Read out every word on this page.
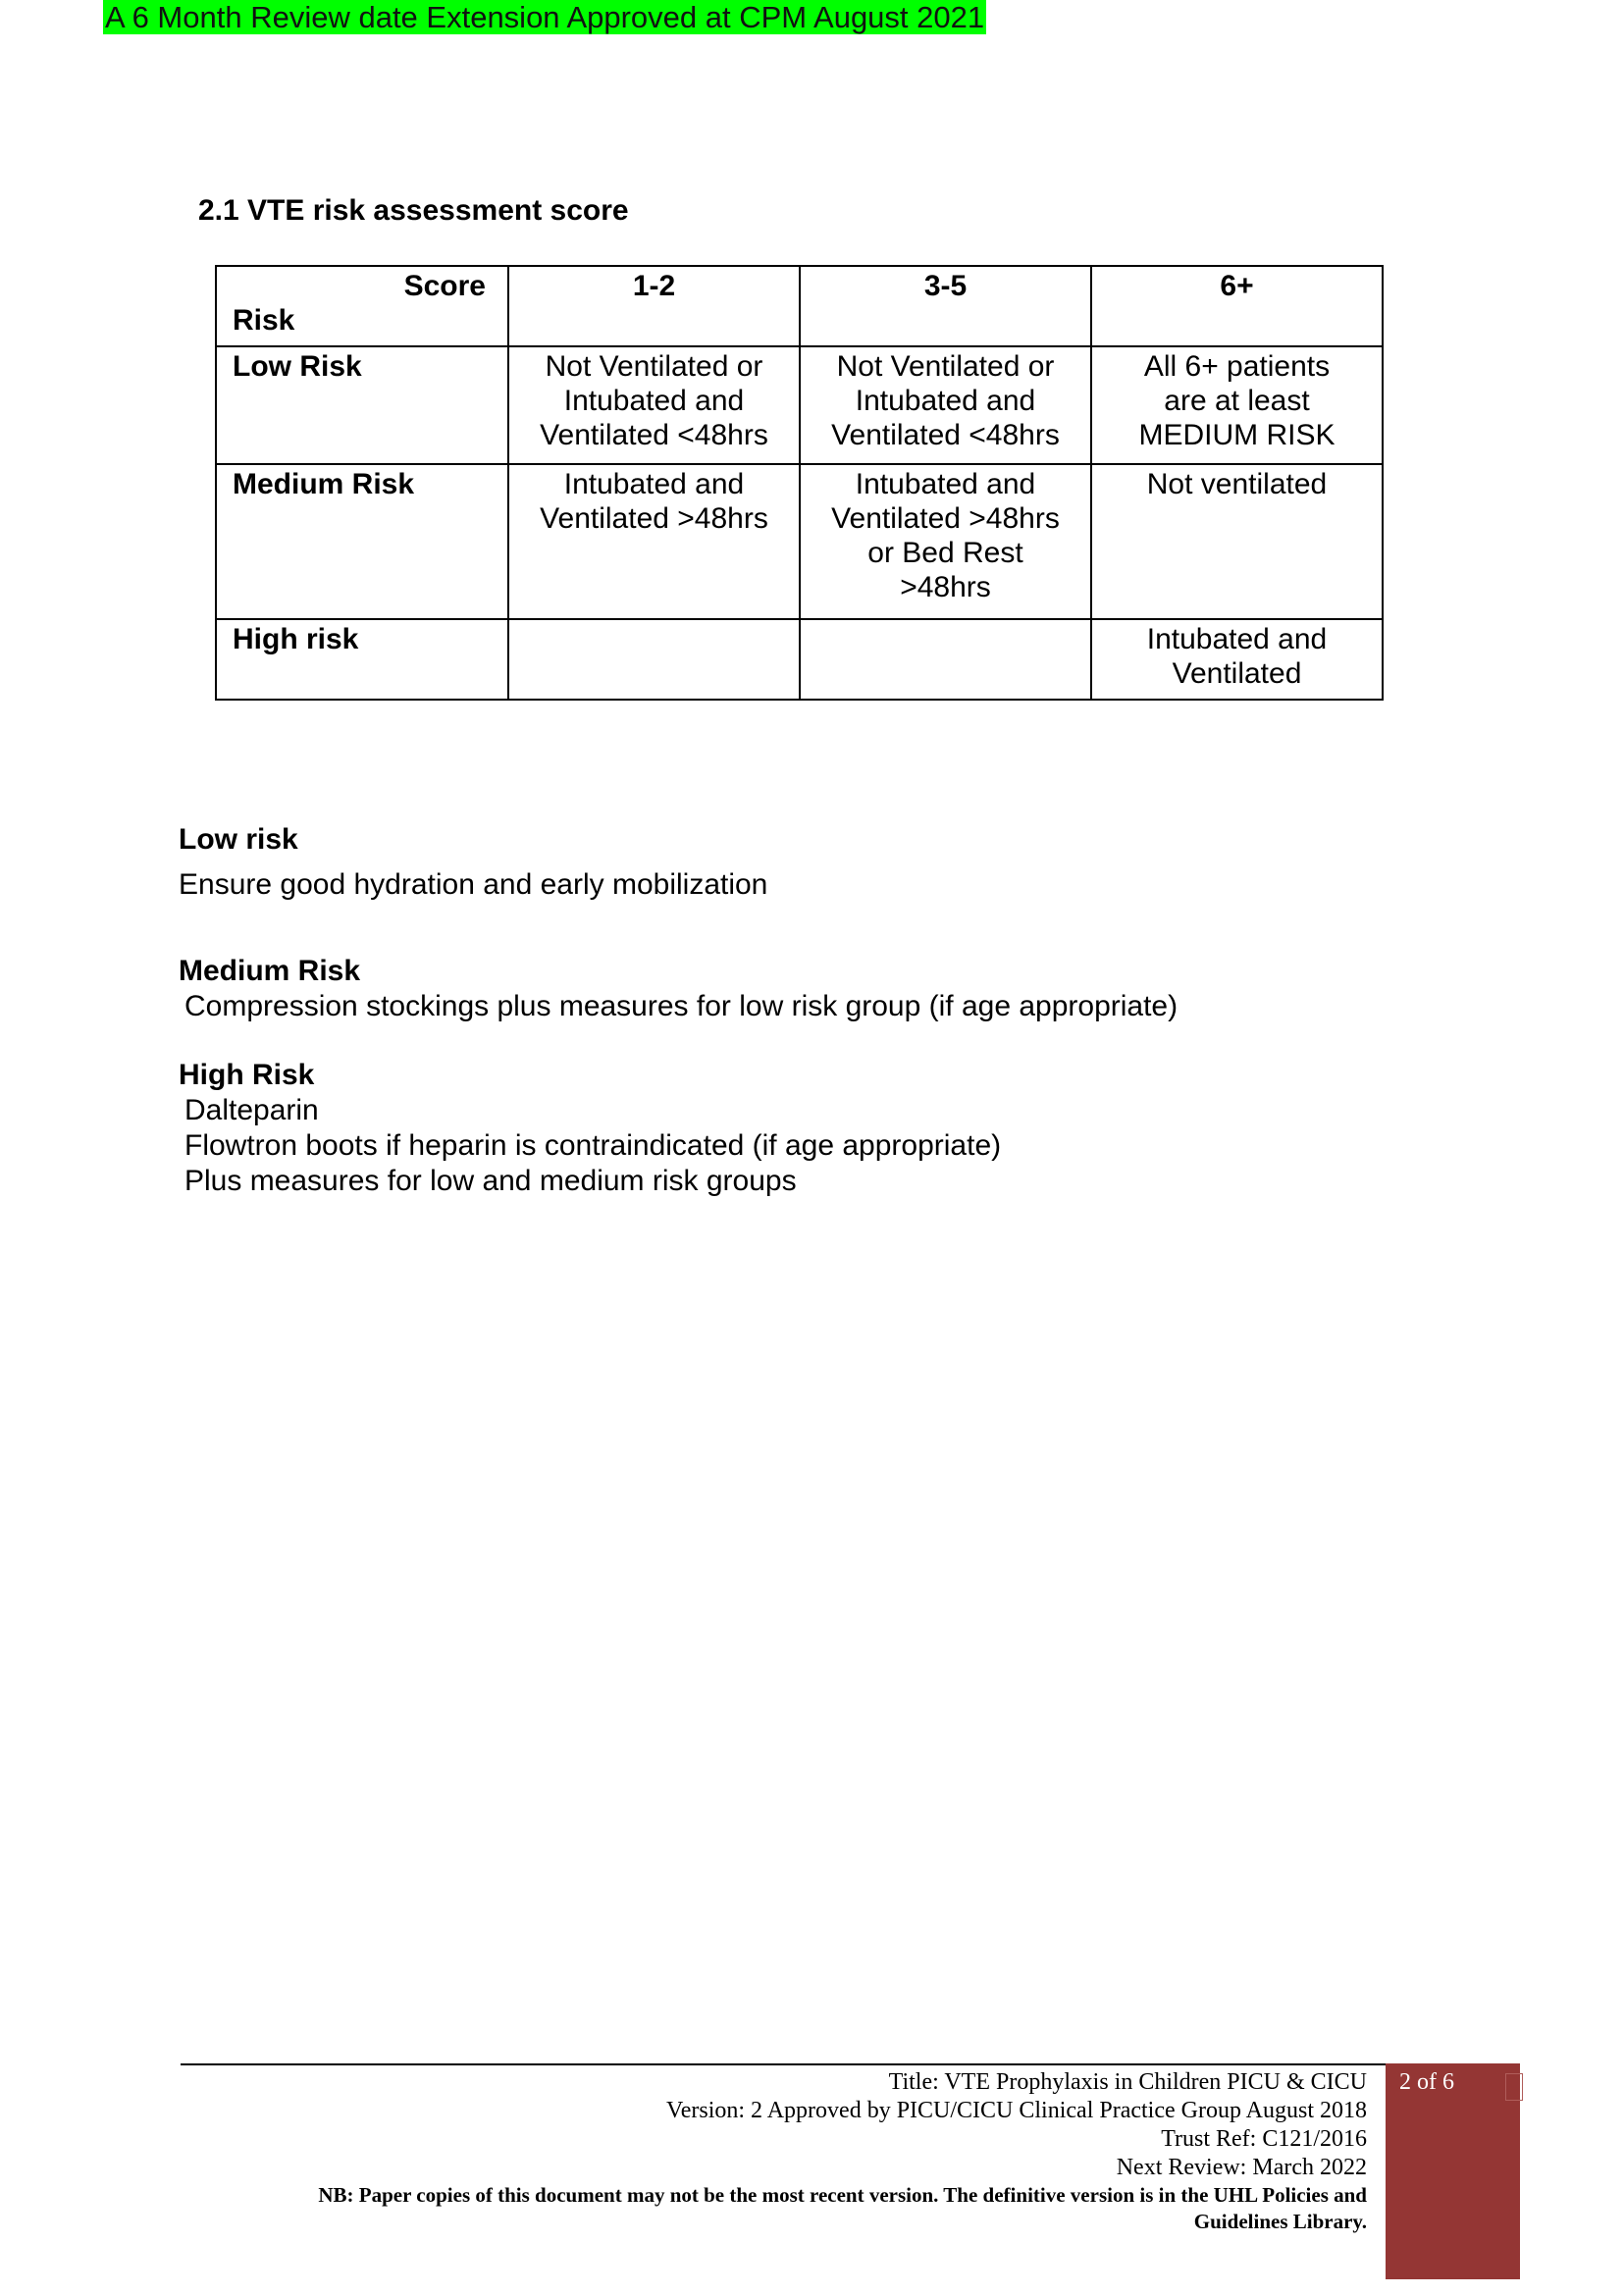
A 6 Month Review date Extension Approved at CPM August 2021
2.1 VTE risk assessment score
Score
Risk	1-2	3-5	6+
Low Risk	Not Ventilated or
Intubated and
Ventilated <48hrs	Not Ventilated or
Intubated and
Ventilated <48hrs	All 6+ patients
are at least
MEDIUM RISK

Medium Risk	Intubated and
Ventilated >48hrs	Intubated and
Ventilated >48hrs
or Bed Rest
>48hrs	Not ventilated

High risk			Intubated and
Ventilated
Low risk
Ensure good hydration and early mobilization
Medium Risk
Compression stockings plus measures for low risk group (if age appropriate)
High Risk
Dalteparin
Flowtron boots if heparin is contraindicated (if age appropriate)
Plus measures for low and medium risk groups
Title: VTE Prophylaxis in Children PICU & CICU
Version: 2 Approved by PICU/CICU Clinical Practice Group August 2018
Trust Ref: C121/2016
Next Review: March 2022
NB: Paper copies of this document may not be the most recent version. The definitive version is in the UHL Policies and
Guidelines Library.
2 of 6
